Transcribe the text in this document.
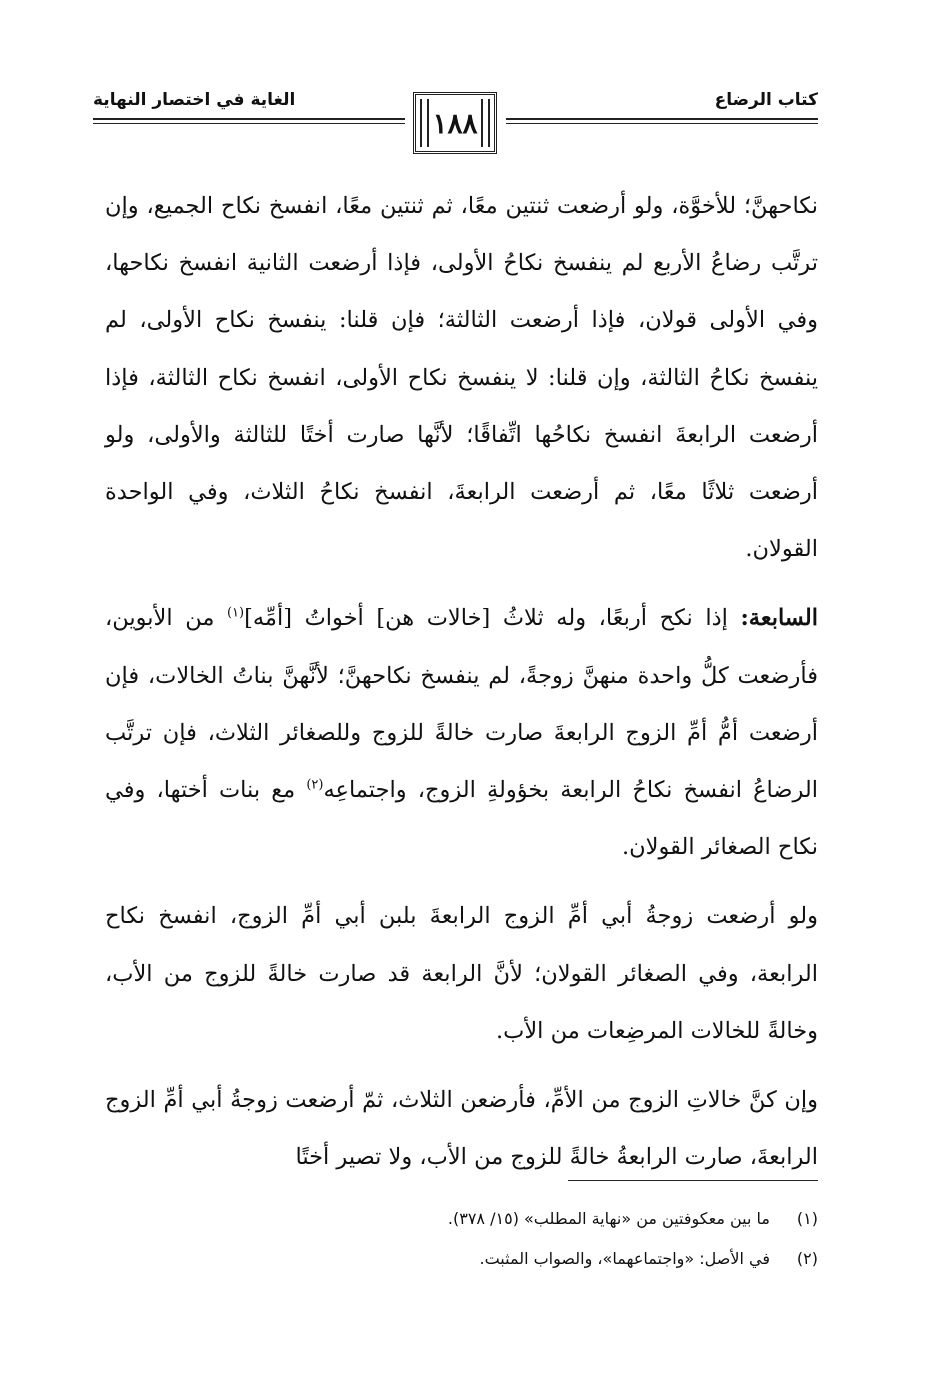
كتاب الرضاع
الغاية في اختصار النهاية
١٨٨

نكاحهنَّ؛ للأخوَّة، ولو أرضعت ثنتين معًا، ثم ثنتين معًا، انفسخ نكاح الجميع، وإن ترتَّب رضاعُ الأربع لم ينفسخ نكاحُ الأولى، فإذا أرضعت الثانية انفسخ نكاحها، وفي الأولى قولان، فإذا أرضعت الثالثة؛ فإن قلنا: ينفسخ نكاح الأولى، لم ينفسخ نكاحُ الثالثة، وإن قلنا: لا ينفسخ نكاح الأولى، انفسخ نكاح الثالثة، فإذا أرضعت الرابعةَ انفسخ نكاحُها اتِّفاقًا؛ لأنَّها صارت أختًا للثالثة والأولى، ولو أرضعت ثلاثًا معًا، ثم أرضعت الرابعةَ، انفسخ نكاحُ الثلاث، وفي الواحدة القولان.

السابعة: إذا نكح أربعًا، وله ثلاثُ [خالات هن] أخواتُ [أمِّه]$^{(١)}$ من الأبوين، فأرضعت كلُّ واحدة منهنَّ زوجةً، لم ينفسخ نكاحهنَّ؛ لأنَّهنَّ بناتُ الخالات، فإن أرضعت أمُّ أمِّ الزوج الرابعةَ صارت خالةً للزوج وللصغائر الثلاث، فإن ترتَّب الرضاعُ انفسخ نكاحُ الرابعة بخؤولةِ الزوج، واجتماعِه$^{(٢)}$ مع بنات أختها، وفي نكاح الصغائر القولان.

ولو أرضعت زوجةُ أبي أمِّ الزوج الرابعةَ بلبن أبي أمِّ الزوج، انفسخ نكاح الرابعة، وفي الصغائر القولان؛ لأنَّ الرابعة قد صارت خالةً للزوج من الأب، وخالةً للخالات المرضِعات من الأب.

وإن كنَّ خالاتِ الزوج من الأمِّ، فأرضعن الثلاث، ثمّ أرضعت زوجةُ أبي أمِّ الزوج الرابعةَ، صارت الرابعةُ خالةً للزوج من الأب، ولا تصير أختًا

(١)
ما بين معكوفتين من «نهاية المطلب» (١٥/ ٣٧٨).
(٢)
في الأصل: «واجتماعهما»، والصواب المثبت.
